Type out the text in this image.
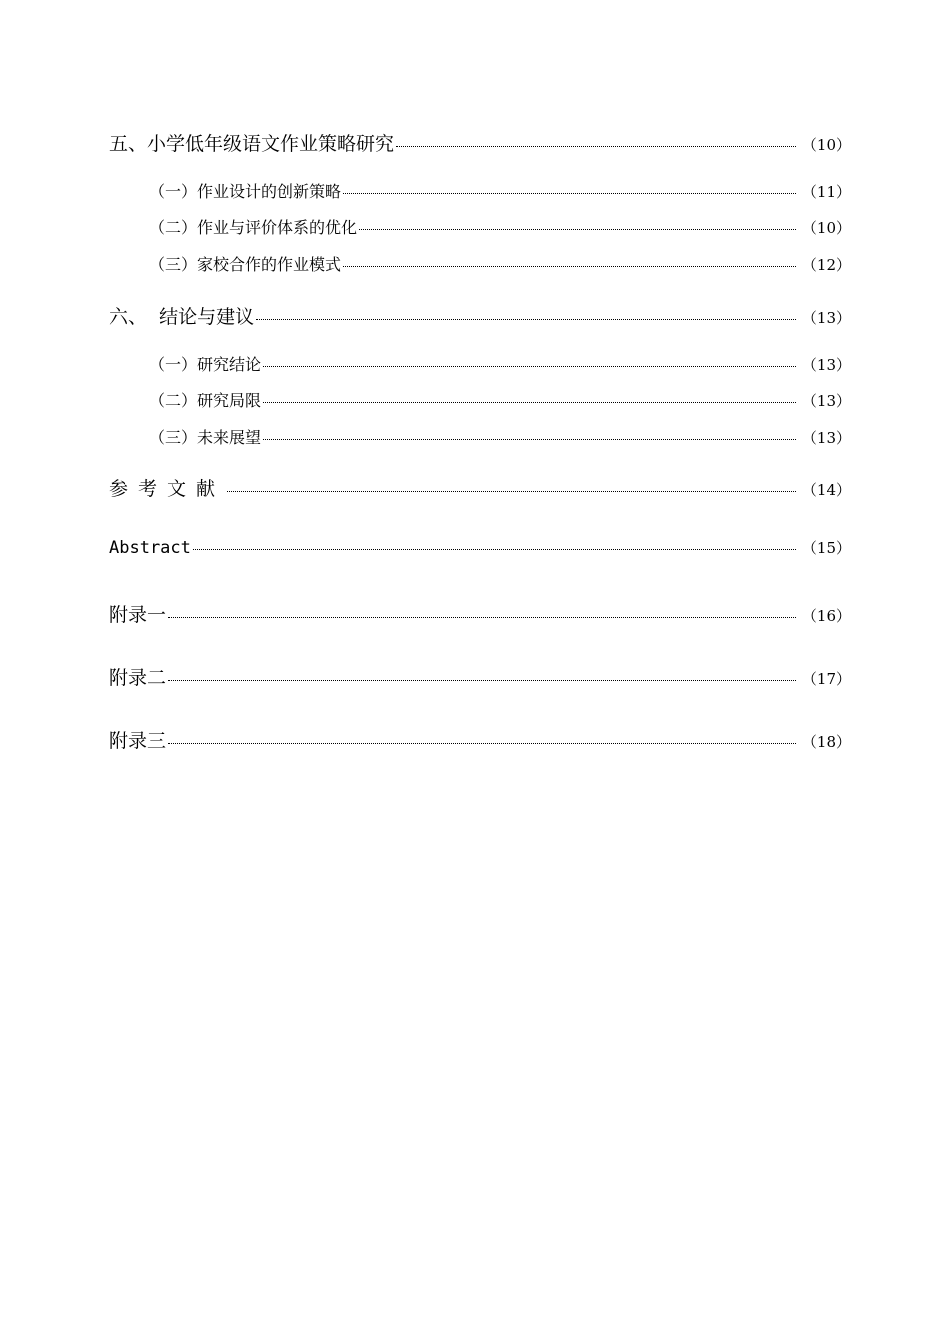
五、小学低年级语文作业策略研究	（10）
（一）作业设计的创新策略	（11）
（二）作业与评价体系的优化	（10）
（三）家校合作的作业模式	（12）
六、  结论与建议	（13）
（一）研究结论	（13）
（二）研究局限	（13）
（三）未来展望	（13）
参考文献	（14）
Abstract	（15）
附录一	（16）
附录二	（17）
附录三	（18）
